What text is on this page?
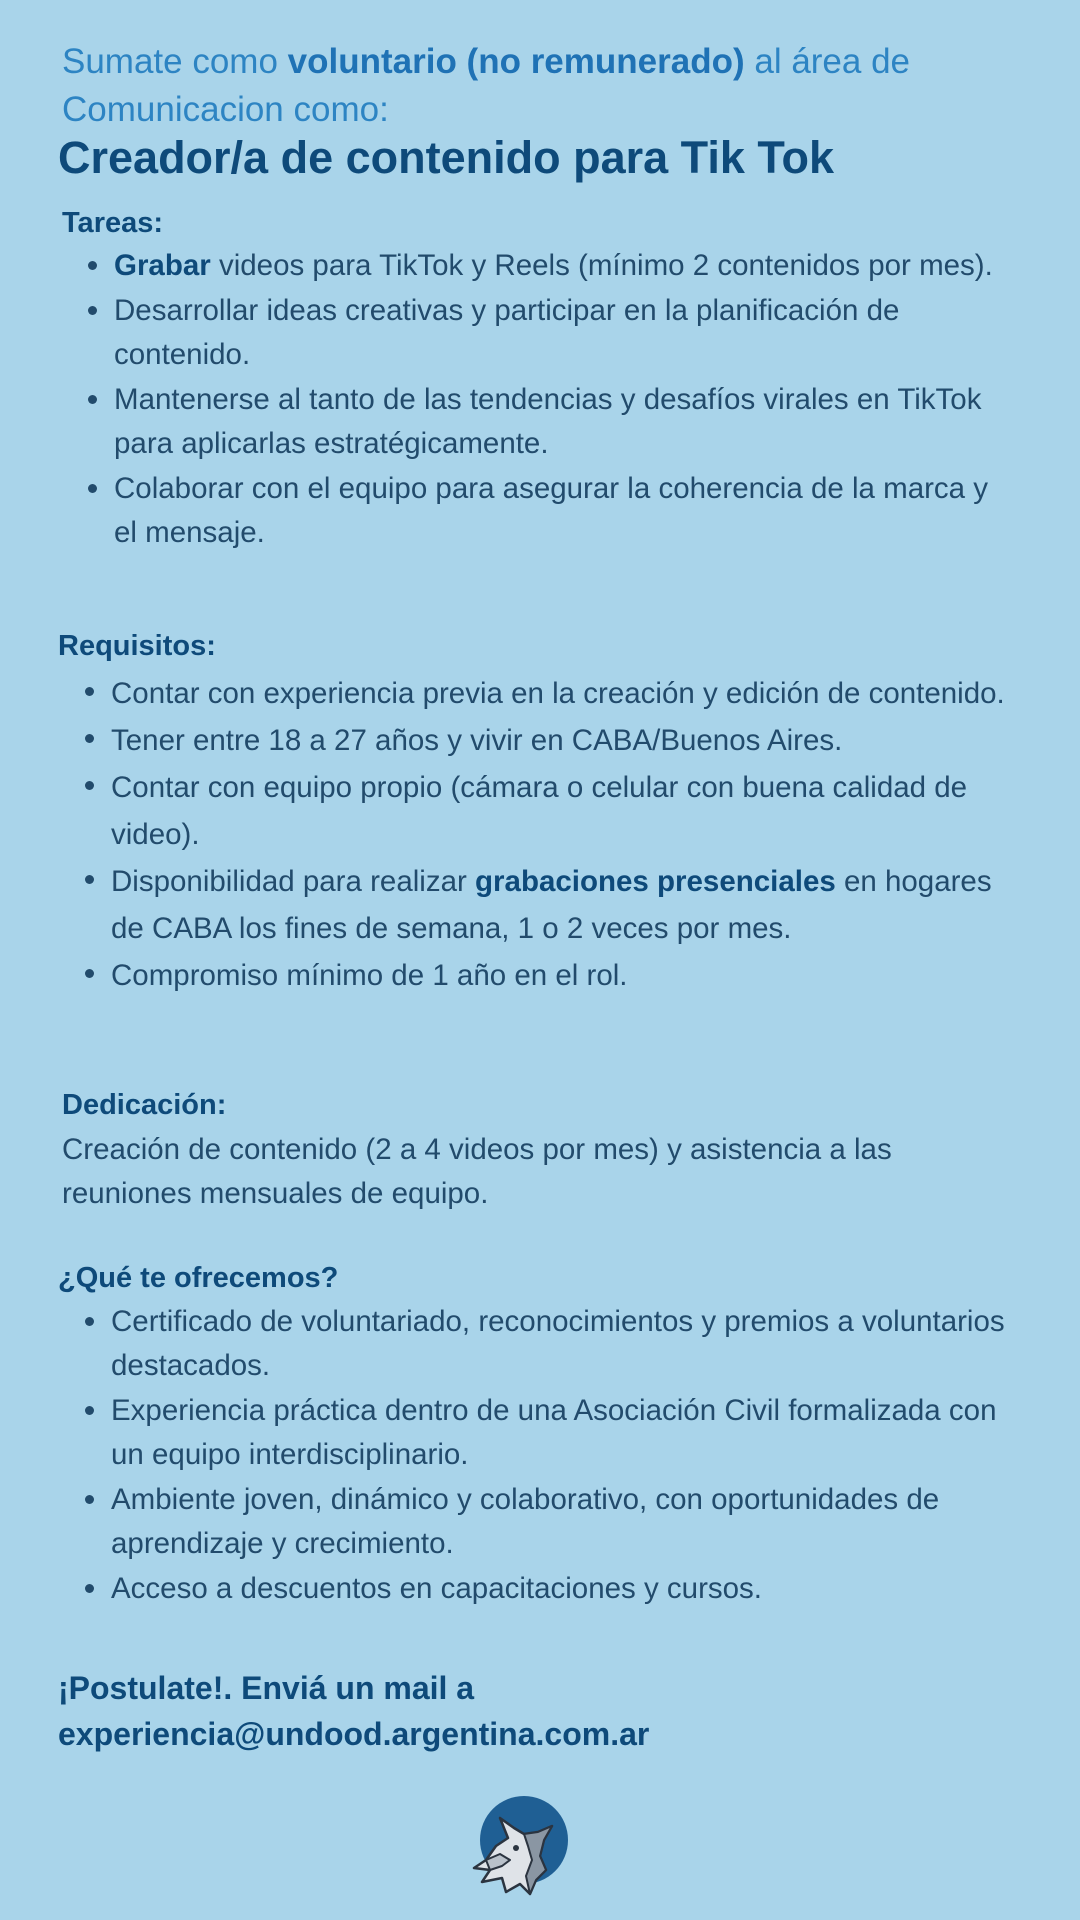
Sumate como voluntario (no remunerado) al área de Comunicacion como:
Creador/a de contenido para Tik Tok
Tareas:
Grabar videos para TikTok y Reels (mínimo 2 contenidos por mes).
Desarrollar ideas creativas y participar en la planificación de contenido.
Mantenerse al tanto de las tendencias y desafíos virales en TikTok para aplicarlas estratégicamente.
Colaborar con el equipo para asegurar la coherencia de la marca y el mensaje.
Requisitos:
Contar con experiencia previa en la creación y edición de contenido.
Tener entre 18 a 27 años y vivir en CABA/Buenos Aires.
Contar con equipo propio (cámara o celular con buena calidad de video).
Disponibilidad para realizar grabaciones presenciales en hogares de CABA los fines de semana, 1 o 2 veces por mes.
Compromiso mínimo de 1 año en el rol.
Dedicación:
Creación de contenido (2 a 4 videos por mes) y asistencia a las reuniones mensuales de equipo.
¿Qué te ofrecemos?
Certificado de voluntariado, reconocimientos y premios a voluntarios destacados.
Experiencia práctica dentro de una Asociación Civil formalizada con un equipo interdisciplinario.
Ambiente joven, dinámico y colaborativo, con oportunidades de aprendizaje y crecimiento.
Acceso a descuentos en capacitaciones y cursos.
¡Postulate!. Enviá un mail a
experiencia@undood.argentina.com.ar
